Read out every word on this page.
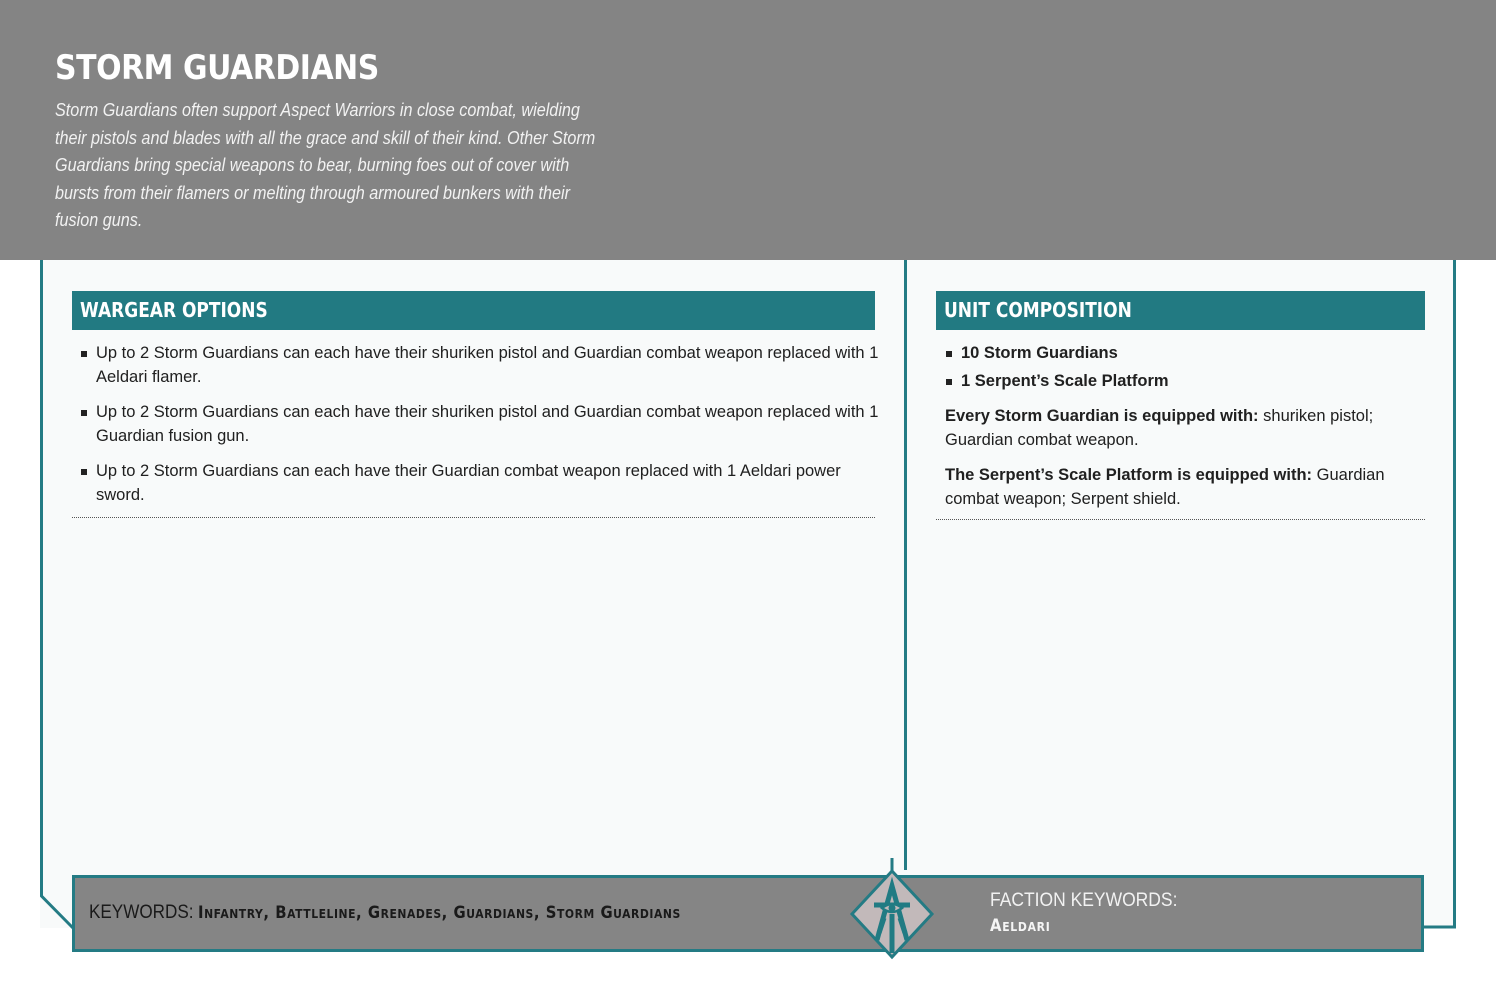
STORM GUARDIANS
Storm Guardians often support Aspect Warriors in close combat, wielding their pistols and blades with all the grace and skill of their kind. Other Storm Guardians bring special weapons to bear, burning foes out of cover with bursts from their flamers or melting through armoured bunkers with their fusion guns.
WARGEAR OPTIONS
Up to 2 Storm Guardians can each have their shuriken pistol and Guardian combat weapon replaced with 1 Aeldari flamer.
Up to 2 Storm Guardians can each have their shuriken pistol and Guardian combat weapon replaced with 1 Guardian fusion gun.
Up to 2 Storm Guardians can each have their Guardian combat weapon replaced with 1 Aeldari power sword.
UNIT COMPOSITION
10 Storm Guardians
1 Serpent’s Scale Platform
Every Storm Guardian is equipped with: shuriken pistol; Guardian combat weapon.
The Serpent’s Scale Platform is equipped with: Guardian combat weapon; Serpent shield.
KEYWORDS: Infantry, Battleline, Grenades, Guardians, Storm Guardians
FACTION KEYWORDS:
Aeldari
